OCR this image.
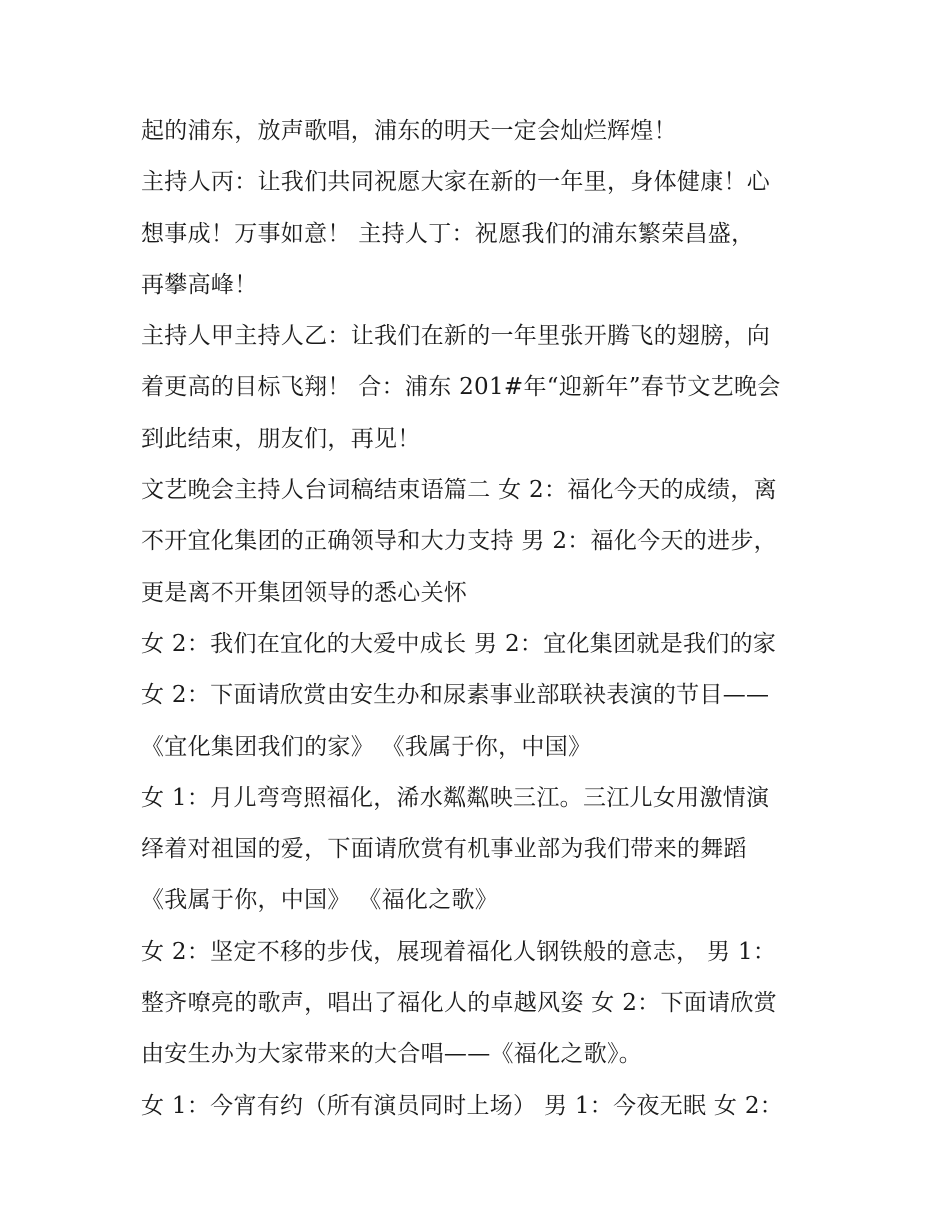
起的浦东，放声歌唱，浦东的明天一定会灿烂辉煌！
主持人丙：让我们共同祝愿大家在新的一年里，身体健康！心
想事成！万事如意！ 主持人丁：祝愿我们的浦东繁荣昌盛，
再攀高峰！
主持人甲主持人乙：让我们在新的一年里张开腾飞的翅膀，向
着更高的目标飞翔！ 合：浦东 201#年“迎新年”春节文艺晚会
到此结束，朋友们，再见！
文艺晚会主持人台词稿结束语篇二 女 2：福化今天的成绩，离
不开宜化集团的正确领导和大力支持 男 2：福化今天的进步，
更是离不开集团领导的悉心关怀
女 2：我们在宜化的大爱中成长 男 2：宜化集团就是我们的家
女 2：下面请欣赏由安生办和尿素事业部联袂表演的节目——
《宜化集团我们的家》 《我属于你，中国》
女 1：月儿弯弯照福化，浠水粼粼映三江。三江儿女用激情演
绎着对祖国的爱，下面请欣赏有机事业部为我们带来的舞蹈
《我属于你，中国》 《福化之歌》
女 2：坚定不移的步伐，展现着福化人钢铁般的意志， 男 1：
整齐嘹亮的歌声，唱出了福化人的卓越风姿 女 2：下面请欣赏
由安生办为大家带来的大合唱——《福化之歌》。
女 1：今宵有约（所有演员同时上场） 男 1：今夜无眠 女 2：
